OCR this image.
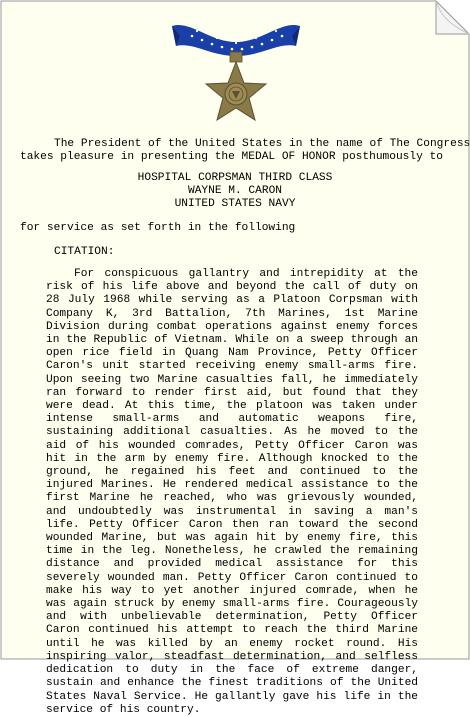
The President of the United States in the name of The Congress

takes pleasure in presenting the MEDAL OF HONOR posthumously to

HOSPITAL CORPSMAN THIRD CLASS

WAYNE M. CARON

UNITED STATES NAVY

for service as set forth in the following

CITATION:

For conspicuous gallantry and intrepidity at the risk of his life above and beyond the call of duty on 28 July 1968 while serving as a Platoon Corpsman with Company K, 3rd Battalion, 7th Marines, 1st Marine Division during combat operations against enemy forces in the Republic of Vietnam. While on a sweep through an open rice field in Quang Nam Province, Petty Officer Caron's unit started receiving enemy small-arms fire. Upon seeing two Marine casualties fall, he immediately ran forward to render first aid, but found that they were dead. At this time, the platoon was taken under intense small-arms and automatic weapons fire, sustaining additional casualties. As he moved to the aid of his wounded comrades, Petty Officer Caron was hit in the arm by enemy fire. Although knocked to the ground, he regained his feet and continued to the injured Marines. He rendered medical assistance to the first Marine he reached, who was grievously wounded, and undoubtedly was instrumental in saving a man's life. Petty Officer Caron then ran toward the second wounded Marine, but was again hit by enemy fire, this time in the leg. Nonetheless, he crawled the remaining distance and provided medical assistance for this severely wounded man. Petty Officer Caron continued to make his way to yet another injured comrade, when he was again struck by enemy small-arms fire. Courageously and with unbelievable determination, Petty Officer Caron continued his attempt to reach the third Marine until he was killed by an enemy rocket round. His inspiring valor, steadfast determination, and selfless dedication to duty in the face of extreme danger, sustain and enhance the finest traditions of the United States Naval Service. He gallantly gave his life in the service of his country.
